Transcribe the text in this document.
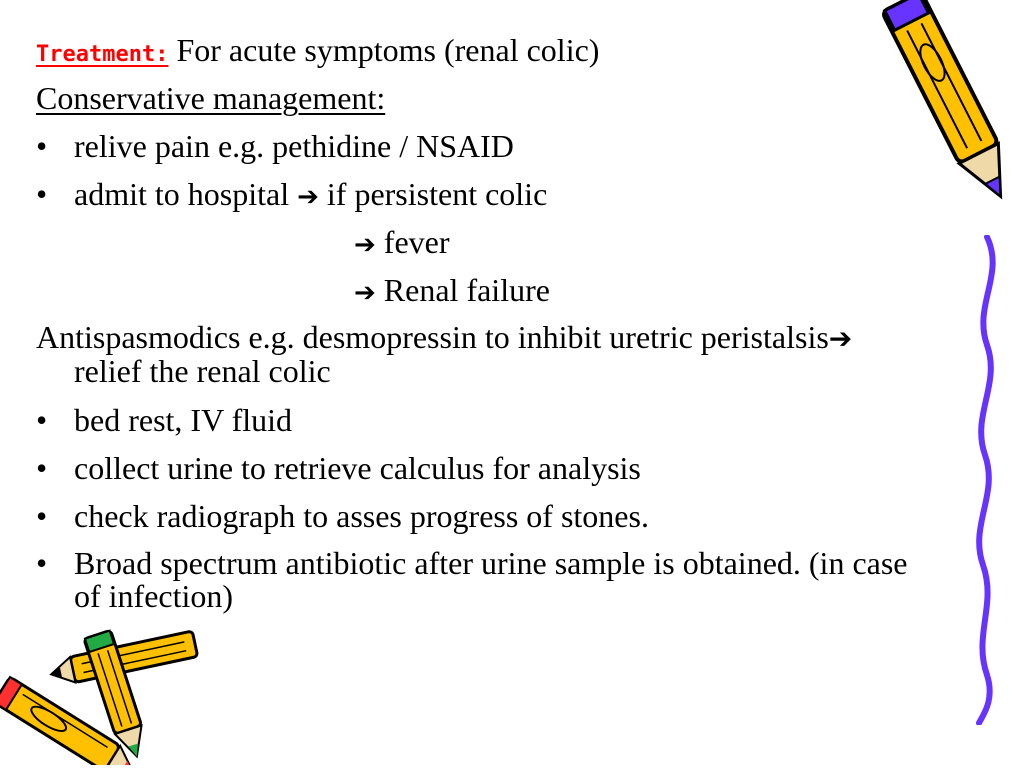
Treatment: For acute symptoms (renal colic)
Conservative management:
• relive pain e.g. pethidine / NSAID
• admit to hospital ➔ if persistent colic
➔ fever
➔ Renal failure
Antispasmodics e.g. desmopressin to inhibit uretric peristalsis➔ relief the renal colic
• bed rest, IV fluid
• collect urine to retrieve calculus for analysis
• check radiograph to asses progress of stones.
• Broad spectrum antibiotic after urine sample is obtained. (in case of infection)
